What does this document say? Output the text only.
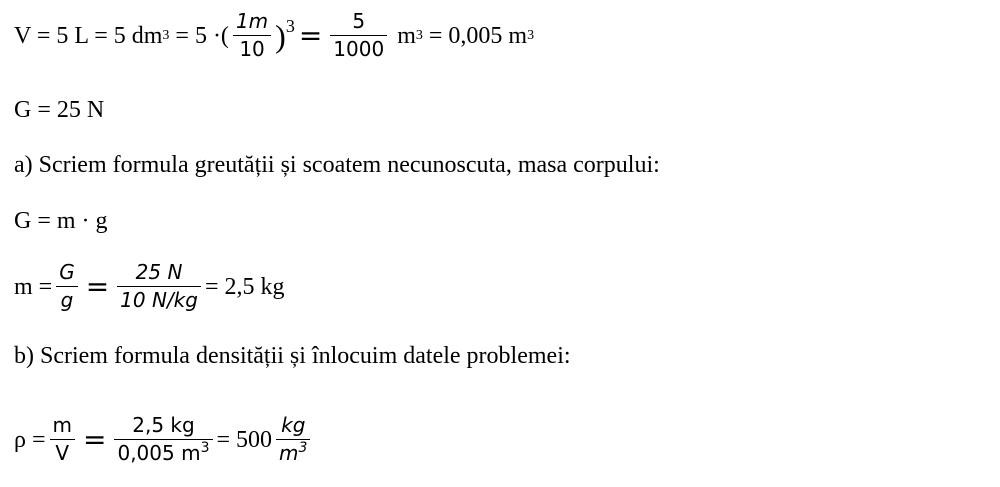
V = 5 L = 5 dm 3 = 5 ·( $\frac{1m}{10}$ ) $3 = \frac{5}{1000}$ m 3 = 0,005 m 3
G = 25 N
a) Scriem formula greutății și scoatem necunoscuta, masa corpului:
G = m · g
$m = \frac{G}{g} = \frac{25 N}{10 N/kg} = 2,5$ kg
b) Scriem formula densității și înlocuim datele problemei:
$\rho = \frac{m}{V} = \frac{2,5 kg}{0,005 m^3} = 500 \frac{kg}{m^3}$
